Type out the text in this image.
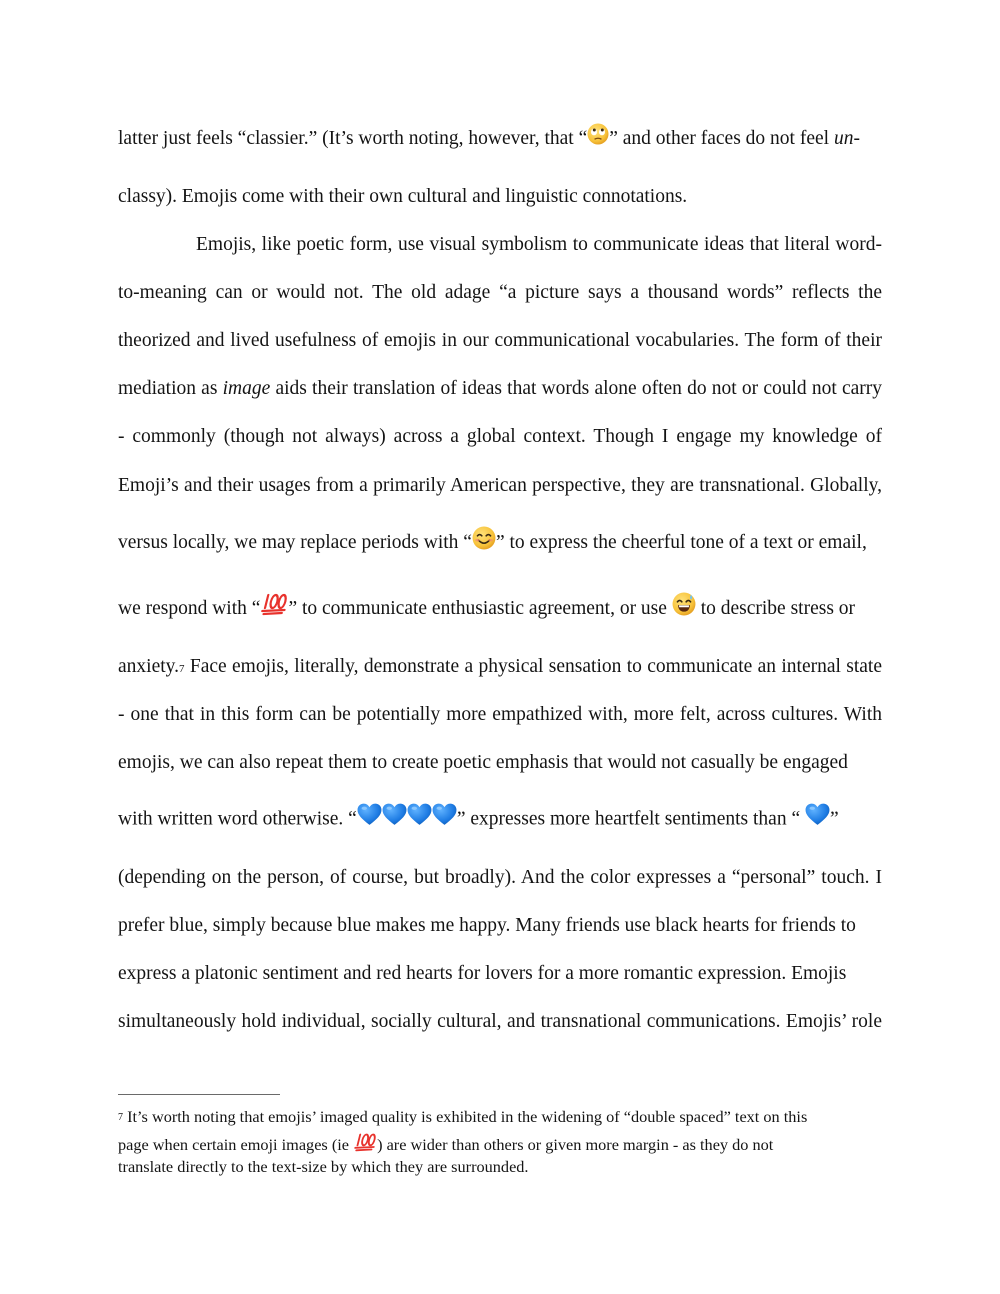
latter just feels “classier.” (It’s worth noting, however, that “ ” and other faces do not feel un-
classy). Emojis come with their own cultural and linguistic connotations.
Emojis, like poetic form, use visual symbolism to communicate ideas that literal word-
to-meaning can or would not. The old adage “a picture says a thousand words” reflects the
theorized and lived usefulness of emojis in our communicational vocabularies. The form of their
mediation as image aids their translation of ideas that words alone often do not or could not carry
- commonly (though not always) across a global context. Though I engage my knowledge of
Emoji’s and their usages from a primarily American perspective, they are transnational. Globally,
versus locally, we may replace periods with “ ” to express the cheerful tone of a text or email,
we respond with “ ” to communicate enthusiastic agreement, or use  to describe stress or
anxiety.$^7$ Face emojis, literally, demonstrate a physical sensation to communicate an internal state
- one that in this form can be potentially more empathized with, more felt, across cultures. With
emojis, we can also repeat them to create poetic emphasis that would not casually be engaged
with written word otherwise. “	” expresses more heartfelt sentiments than “ ”
(depending on the person, of course, but broadly). And the color expresses a “personal” touch. I
prefer blue, simply because blue makes me happy. Many friends use black hearts for friends to
express a platonic sentiment and red hearts for lovers for a more romantic expression. Emojis
simultaneously hold individual, socially cultural, and transnational communications. Emojis’ role
$^7$ It’s worth noting that emojis’ imaged quality is exhibited in the widening of “double spaced” text on this
page when certain emoji images (ie ) are wider than others or given more margin - as they do not
translate directly to the text-size by which they are surrounded.
